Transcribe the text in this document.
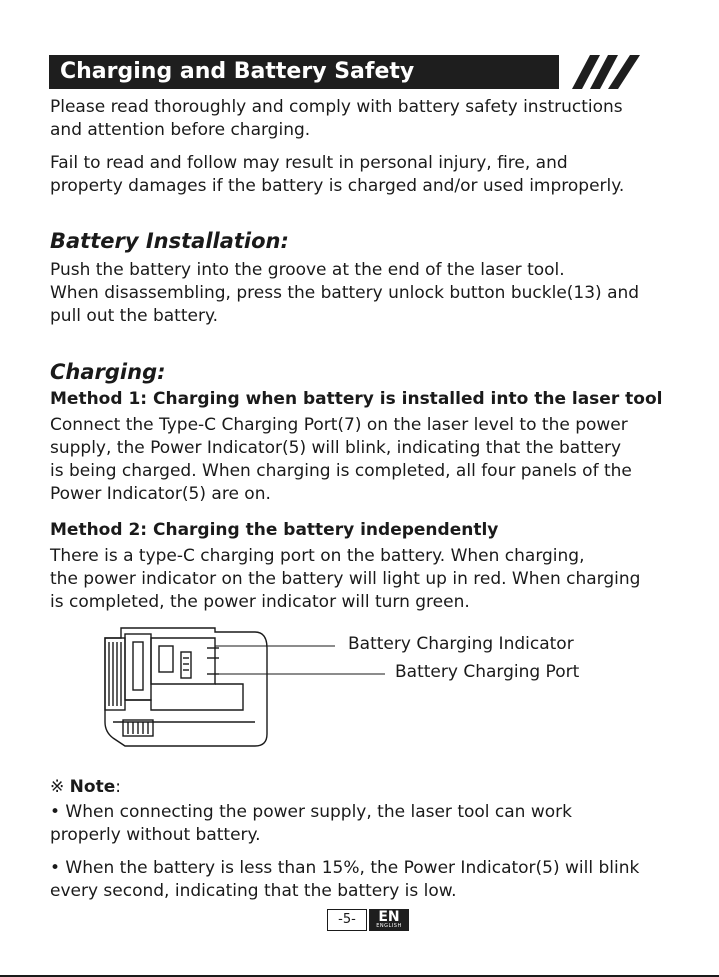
Charging and Battery Safety
Please read thoroughly and comply with battery safety instructions
and attention before charging.
Fail to read and follow may result in personal injury, fire, and
property damages if the battery is charged and/or used improperly.
Battery Installation:
Push the battery into the groove at the end of the laser tool.
When disassembling, press the battery unlock button buckle(13) and
pull out the battery.
Charging:
Method 1: Charging when battery is installed into the laser tool
Connect the Type-C Charging Port(7) on the laser level to the power
supply, the Power Indicator(5) will blink, indicating that the battery
is being charged. When charging is completed, all four panels of the
Power Indicator(5) are on.
Method 2: Charging the battery independently
There is a type-C charging port on the battery. When charging,
the power indicator on the battery will light up in red. When charging
is completed, the power indicator will turn green.
Battery Charging Indicator
Battery Charging Port
※ Note:
• When connecting the power supply, the laser tool can work
properly without battery.
• When the battery is less than 15%, the Power Indicator(5) will blink
every second, indicating that the battery is low.
-5-	EN
ENGLISH
